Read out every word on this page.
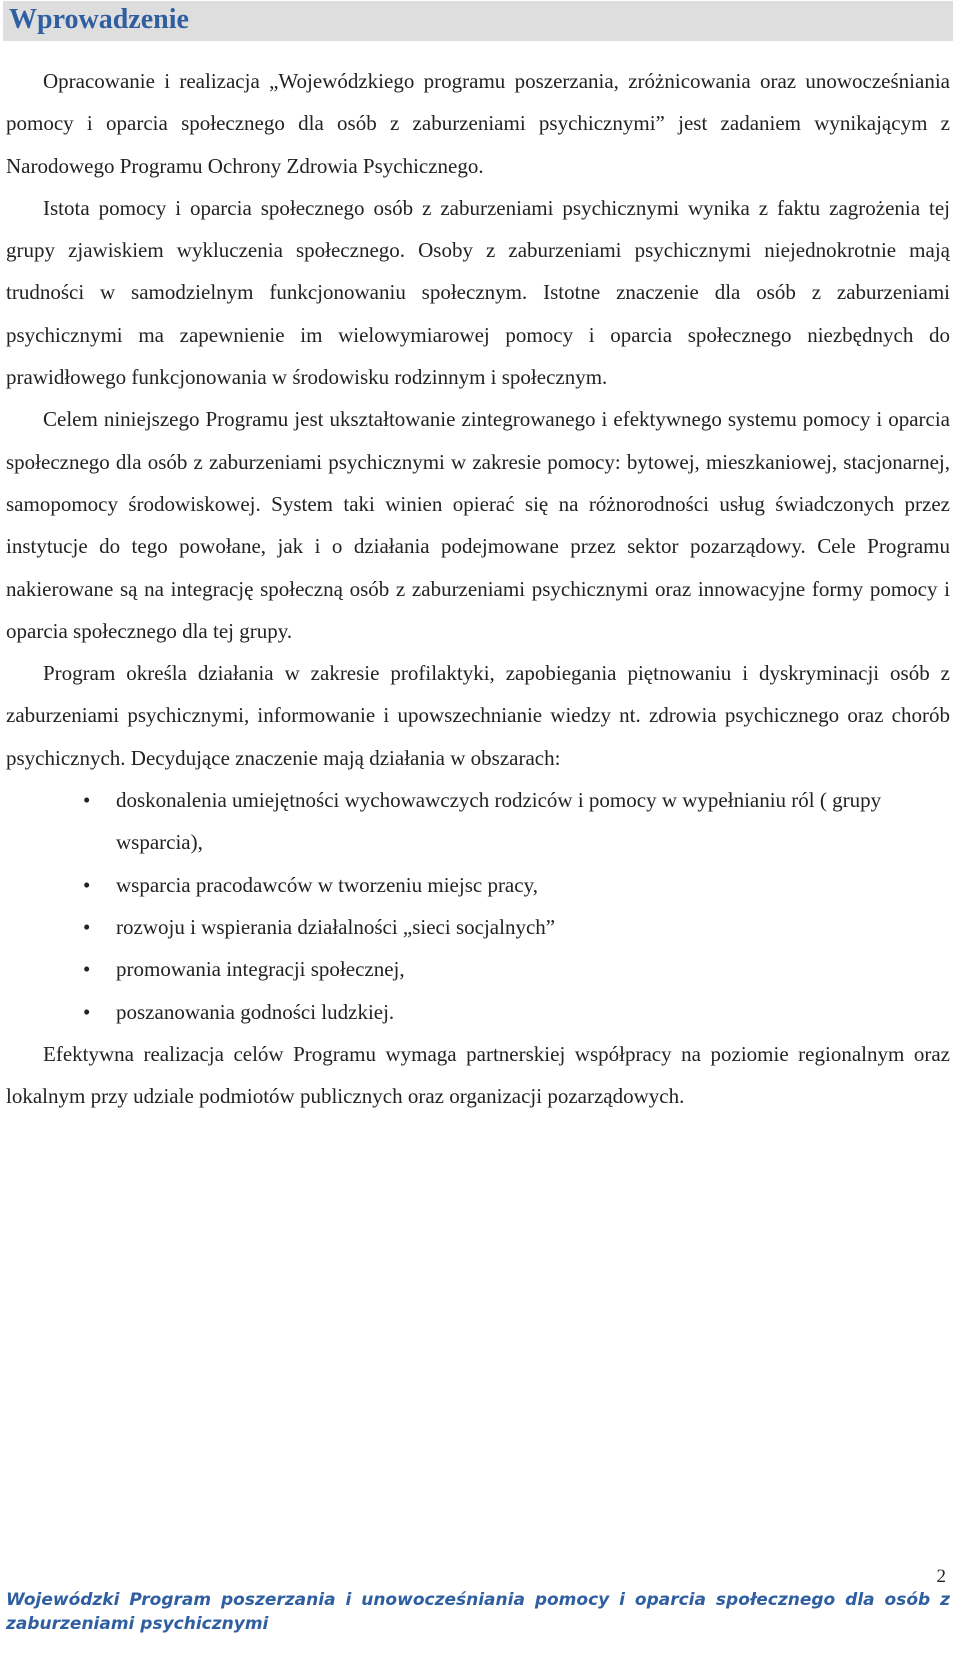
Wprowadzenie

Opracowanie i realizacja „Wojewódzkiego programu poszerzania, zróżnicowania oraz unowocześniania pomocy i oparcia społecznego dla osób z zaburzeniami psychicznymi” jest zadaniem wynikającym z Narodowego Programu Ochrony Zdrowia Psychicznego.

Istota pomocy i oparcia społecznego osób z zaburzeniami psychicznymi wynika z faktu zagrożenia tej grupy zjawiskiem wykluczenia społecznego. Osoby z zaburzeniami psychicznymi niejednokrotnie mają trudności w samodzielnym funkcjonowaniu społecznym. Istotne znaczenie dla osób z zaburzeniami psychicznymi ma zapewnienie im wielowymiarowej pomocy i oparcia społecznego niezbędnych do prawidłowego funkcjonowania w środowisku rodzinnym i społecznym.

Celem niniejszego Programu jest ukształtowanie zintegrowanego i efektywnego systemu pomocy i oparcia społecznego dla osób z zaburzeniami psychicznymi w zakresie pomocy: bytowej, mieszkaniowej, stacjonarnej, samopomocy środowiskowej. System taki winien opierać się na różnorodności usług świadczonych przez instytucje do tego powołane, jak i o działania podejmowane przez sektor pozarządowy. Cele Programu nakierowane są na integrację społeczną osób z zaburzeniami psychicznymi oraz innowacyjne formy pomocy i oparcia społecznego dla tej grupy.

Program określa działania w zakresie profilaktyki, zapobiegania piętnowaniu i dyskryminacji osób z zaburzeniami psychicznymi, informowanie i upowszechnianie wiedzy nt. zdrowia psychicznego oraz chorób psychicznych. Decydujące znaczenie mają działania w obszarach:

• doskonalenia umiejętności wychowawczych rodziców i pomocy w wypełnianiu ról ( grupy wsparcia),
• wsparcia pracodawców w tworzeniu miejsc pracy,
• rozwoju i wspierania działalności „sieci socjalnych”
• promowania integracji społecznej,
• poszanowania godności ludzkiej.

Efektywna realizacja celów Programu wymaga partnerskiej współpracy na poziomie regionalnym oraz lokalnym przy udziale podmiotów publicznych oraz organizacji pozarządowych.

2
Wojewódzki Program poszerzania i unowocześniania pomocy i oparcia społecznego dla osób z zaburzeniami psychicznymi
